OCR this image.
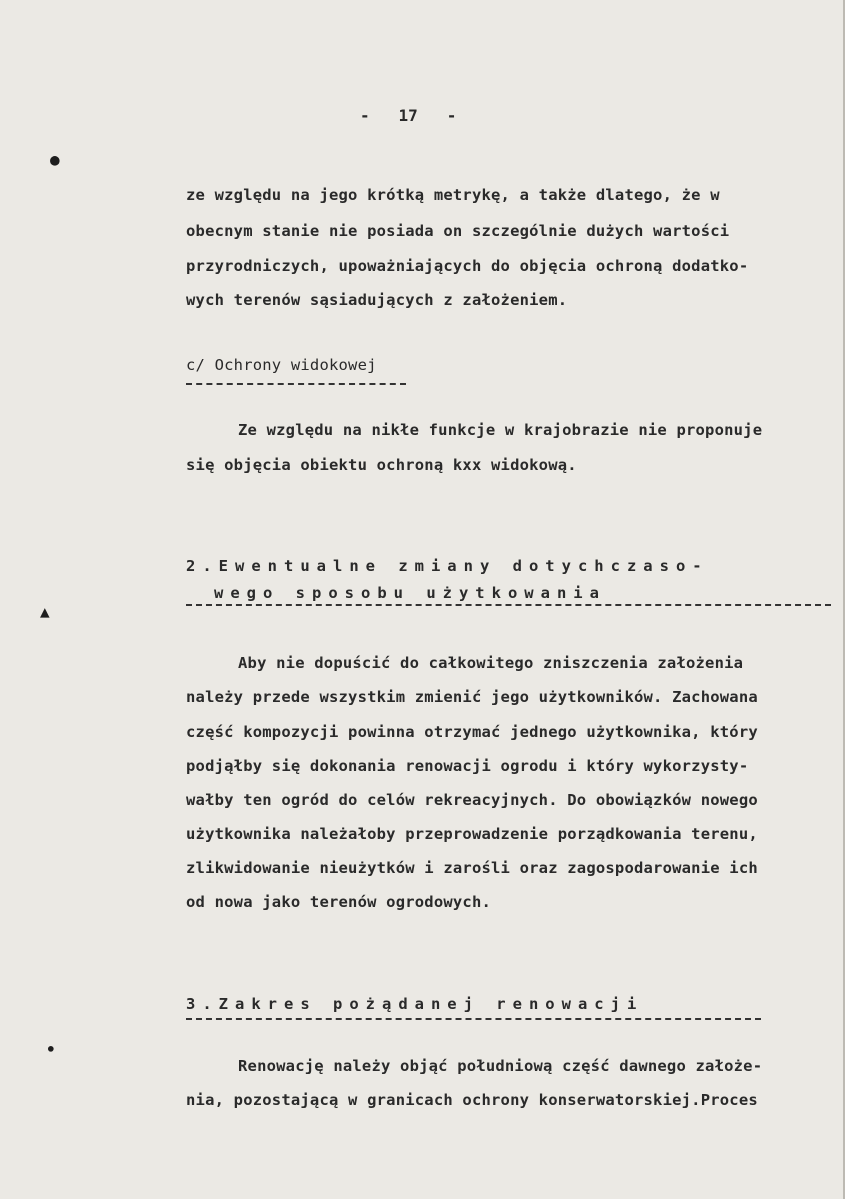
●
▲
•
-   17   -
ze względu na jego krótką metrykę, a także dlatego, że w
obecnym stanie nie posiada on szczególnie dużych wartości
przyrodniczych, upoważniających do objęcia ochroną dodatko-
wych terenów sąsiadujących z założeniem.
c/ Ochrony widokowej
Ze względu na nikłe funkcje w krajobrazie nie proponuje
się objęcia obiektu ochroną kxx widokową.
2.Ewentualne zmiany dotychczaso-
wego sposobu użytkowania
Aby nie dopuścić do całkowitego zniszczenia założenia
należy przede wszystkim zmienić jego użytkowników. Zachowana
część kompozycji powinna otrzymać jednego użytkownika, który
podjąłby się dokonania renowacji ogrodu i który wykorzysty-
wałby ten ogród do celów rekreacyjnych. Do obowiązków nowego
użytkownika należałoby przeprowadzenie porządkowania terenu,
zlikwidowanie nieużytków i zarośli oraz zagospodarowanie ich
od nowa jako terenów ogrodowych.
3.Zakres pożądanej renowacji
Renowację należy objąć południową część dawnego założe-
nia, pozostającą w granicach ochrony konserwatorskiej.Proces
